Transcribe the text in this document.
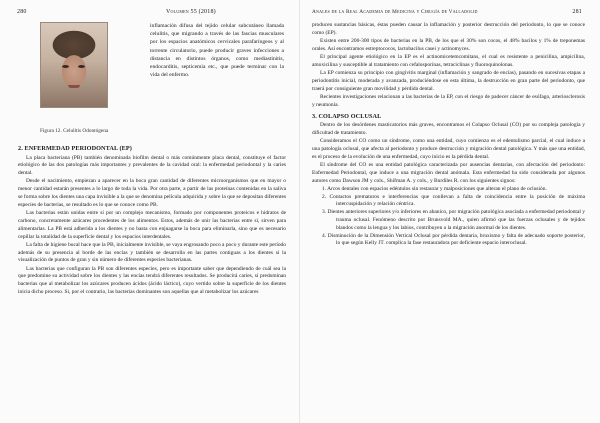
280	Volumen 55 (2018)
Figura 12. Celulitis Odontógena

inflamación difusa del tejido celular subcutáneo llamada celulitis, que migrando a través de las fascias musculares por los espacios anatómicos cervicales parafaríngeos y al torrente circulatorio, puede producir graves infecciones a distancia en distintos órganos, como mediastinitis, endocarditis, septicemia etc., que puede terminar con la vida del enfermo.

2. ENFERMEDAD PERIODONTAL (EP)

La placa bacteriana (PB) también denominada biofilm dental o más comúnmente placa dental, constituye el factor etiológico de las dos patologías más importantes y prevalentes de la cavidad oral: la enfermedad periodontal y la caries dental.

Desde el nacimiento, empiezan a aparecer en la boca gran cantidad de diferentes microorganismos que en mayor o menor cantidad estarán presentes a lo largo de toda la vida. Por otra parte, a partir de las proteínas contenidas en la saliva se forma sobre los dientes una capa invisible a la que se denomina película adquirida y sobre la que se depositan diferentes especies de bacterias, se resultado es lo que se conoce como PB.

Las bacterias están unidas entre sí por un complejo mecanismo, formado por componentes proteicos e hidratos de carbono, concretamente azúcares procedentes de los alimentos. Estos, además de unir las bacterias entre sí, sirven para alimentarlas. La PB está adherida a los dientes y no basta con enjuagarse la boca para eliminarla, sino que es necesario cepillar la totalidad de la superficie dental y los espacios interdentales.

La falta de higiene bucal hace que la PB, inicialmente invisible, se vaya engrosando poco a poco y durante este período además de su presencia al borde de las encías y también se desarrolla en las partes contiguas a los dientes si la visualización de puntos de gran y sin número de diferentes especies bacterianas.

Las bacterias que configuran la PB son diferentes especies, pero es importante saber que dependiendo de cuál sea la que predomine su actividad sobre los dientes y las encías tendrá diferentes resultados. Se producirá caries, si predominan bacterias que al metabolizar los azúcares producen ácidos (ácido láctico), cuyo vertido sobre la superficie de los dientes inicia dicho proceso. Si, por el contrario, las bacterias dominantes son aquellas que al metabolizar los azúcares

Anales de la Real Academia de Medicina y Cirugía de Valladolid	281

producen sustancias básicas, éstas pueden causar la inflamación y posterior destrucción del periodonto, lo que se conoce como (EP).

Existen entre 200-300 tipos de bacterias en la PB, de los que el 30% son cocos, el 48% bacilos y 1% de treponemas orales. Así encontramos estreptococos, lactobacilus casei y actinomyces.

El principal agente etiológico en la EP es el actinomicetemcomitans, el cual es resistente a penicilina, ampicilina, amoxicilina y susceptible al tratamiento con cefalosporinas, tetraciclinas y fluoroquinolonas.

La EP comienza su principio con gingivitis marginal (inflamación y sangrado de encías), pasando en sucesivas etapas a periodontitis inicial, moderada y avanzada, produciéndose en esta última, la destrucción en gran parte del periodonto, que traerá por consiguiente gran movilidad y pérdida dental.

Recientes investigaciones relacionan a las bacterias de la EP, con el riesgo de padecer cáncer de esófago, arteriosclerosis y neumonía.

3. COLAPSO OCLUSAL

Dentro de los desórdenes masticatorios más graves, encontramos el Colapso Oclusal (CO) por su compleja patología y dificultad de tratamiento.

Consideramos el CO como un síndrome, como una entidad, cuyo comienzo es el edentulismo parcial, el cual induce a una patología oclusal, que afecta al periodonto y produce destrucción y migración dental patológica. Y más que una entidad, es el proceso de la evolución de una enfermedad, cuyo inicio es la pérdida dental.

El síndrome del CO es una entidad patológica caracterizada por ausencias dentarias, con afectación del periodonto: Enfermedad Periodontal, que induce a una migración dental anómala. Esta enfermedad ha sido considerada por algunos autores como Dawson JM y cols., Shifman A. y cols., y Burdiles R. con los siguientes signos:

1. Arcos dentales con espacios edéntulos sin restaurar y malposiciones que alteran el plano de oclusión.
2. Contactos prematuros e interferencias que conllevan a falta de coincidencia entre la posición de máxima intercuspidación y relación céntrica.
3. Dientes anteriores superiores y/o inferiores en abanico, por migración patológica asociada a enfermedad periodontal y trauma oclusal. Fenómeno descrito por Brunsvold MA., quien afirmó que las fuerzas oclusales y de tejidos blandos como la lengua y los labios, contribuyen a la migración anormal de los dientes.
4. Disminución de la Dimensión Vertical Oclusal por pérdida dentaria, bruxismo y falta de adecuado soporte posterior, lo que según Kelly JT. complica la fase restauradora por deficiente espacio interoclusal.
